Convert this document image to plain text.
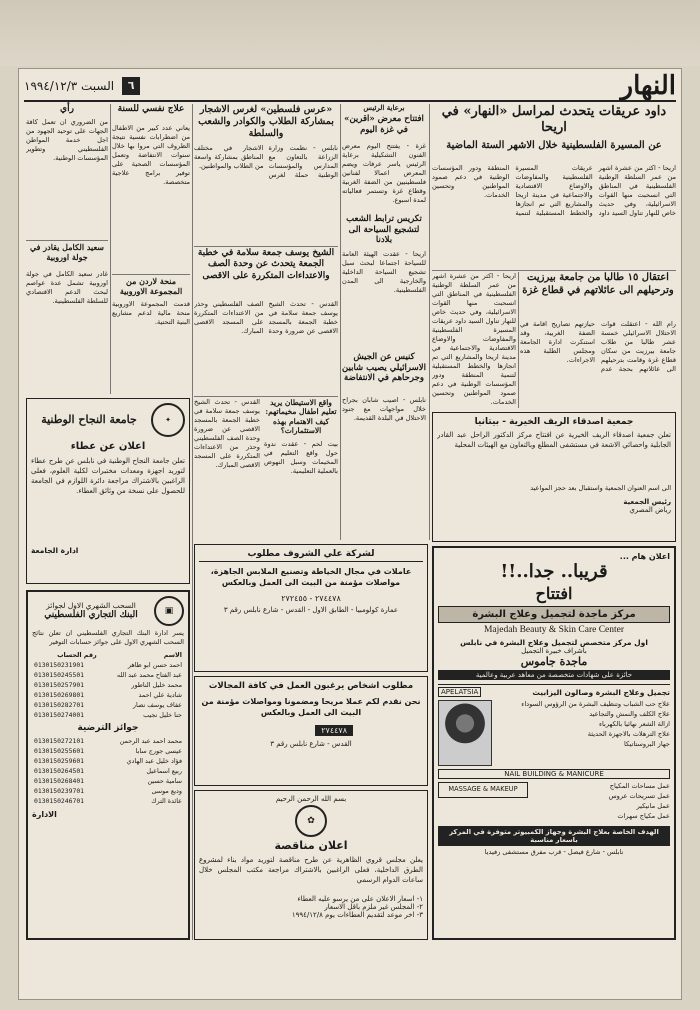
٦
السبت ١٩٩٤/١٢/٣	النهار
داود عريقات يتحدث لمراسل «النهار» في اريحا
عن المسيرة الفلسطينية خلال الاشهر الستة الماضية
اريحا - اكثر من عشرة اشهر من عمر السلطة الوطنية الفلسطينية في المناطق التي انسحبت منها القوات الاسرائيلية، وفي حديث خاص للنهار تناول السيد داود عريقات المسيرة الفلسطينية والمفاوضات والاوضاع الاقتصادية والاجتماعية في مدينة اريحا والمشاريع التي تم انجازها والخطط المستقبلية لتنمية المنطقة ودور المؤسسات الوطنية في دعم صمود المواطنين وتحسين الخدمات.
اعتقال ١٥ طالبا من جامعة بيرزيت وترحيلهم الى عائلاتهم في قطاع غزة
رام الله - اعتقلت قوات الاحتلال الاسرائيلي خمسة عشر طالبا من طلاب جامعة بيرزيت من سكان قطاع غزة وقامت بترحيلهم الى عائلاتهم بحجة عدم حيازتهم تصاريح اقامة في الضفة الغربية، وقد استنكرت ادارة الجامعة ومجلس الطلبة هذه الاجراءات.
اريحا - اكثر من عشرة اشهر من عمر السلطة الوطنية الفلسطينية في المناطق التي انسحبت منها القوات الاسرائيلية، وفي حديث خاص للنهار تناول السيد داود عريقات المسيرة الفلسطينية والمفاوضات والاوضاع الاقتصادية والاجتماعية في مدينة اريحا والمشاريع التي تم انجازها والخطط المستقبلية لتنمية المنطقة ودور المؤسسات الوطنية في دعم صمود المواطنين وتحسين الخدمات.
جمعية اصدقاء الريف الخيرية - بيتانيا
تعلن جمعية اصدقاء الريف الخيرية عن افتتاح مركز الدكتور الراحل عبد القادر الجابلية واحصائي الاشعة في مستشفى المطلع وبالتعاون مع الهيئات المحلية
الى اسم العنوان الجمعية واستقبال بعد حجز المواعيد
رئيس الجمعية
رياض المصري
برعاية الرئيس
افتتاح معرض «اقرين» في غزة اليوم
غزة - يفتتح اليوم معرض الفنون التشكيلية برعاية الرئيس ياسر عرفات ويضم المعرض اعمالا لفنانين فلسطينيين من الضفة الغربية وقطاع غزة وتستمر فعالياته لمدة اسبوع.
تكريس ترابط الشعب لتشجيع السياحة الى بلادنا
اريحا - عقدت الهيئة العامة للسياحة اجتماعا لبحث سبل تشجيع السياحة الداخلية والخارجية الى المدن الفلسطينية.
كنيس عن الجيش الاسرائيلي يصيب شابين وجرحاهم في الانتفاضة
نابلس - اصيب شابان بجراح خلال مواجهات مع جنود الاحتلال في البلدة القديمة.
«عرس فلسطين» لغرس الاشجار بمشاركة الطلاب والكوادر والشعب والسلطة
نابلس - نظمت وزارة الزراعة بالتعاون مع المدارس والمؤسسات الوطنية حملة لغرس الاشجار في مختلف المناطق بمشاركة واسعة من الطلاب والمواطنين.
الشيخ يوسف جمعة سلامة في خطبة الجمعة يتحدث عن وحدة الصف والاعتداءات المتكررة على الاقصى
القدس - تحدث الشيخ يوسف جمعة سلامة في خطبة الجمعة بالمسجد الاقصى عن ضرورة وحدة الصف الفلسطيني وحذر من الاعتداءات المتكررة على المسجد الاقصى المبارك.
واقع الاستيطان يريد تعليم اطفال مخيماتهم: كيف الاهتمام بهذه الاستثمارات؟
بيت لحم - عقدت ندوة حول واقع التعليم في المخيمات وسبل النهوض بالعملية التعليمية.
القدس - تحدث الشيخ يوسف جمعة سلامة في خطبة الجمعة بالمسجد الاقصى عن ضرورة وحدة الصف الفلسطيني وحذر من الاعتداءات المتكررة على المسجد الاقصى المبارك.
علاج نفسي للسنة
يعاني عدد كبير من الاطفال من اضطرابات نفسية نتيجة الظروف التي مروا بها خلال سنوات الانتفاضة وتعمل المؤسسات الصحية على توفير برامج علاجية متخصصة.
منحة لاردن من المجموعة الاوروبية
قدمت المجموعة الاوروبية منحة مالية لدعم مشاريع البنية التحتية.
رأي
من الضروري ان تعمل كافة الجهات على توحيد الجهود من اجل خدمة المواطن الفلسطيني وتطوير المؤسسات الوطنية.
سعيد الكامل يقادر في جولة اوروبية
غادر سعيد الكامل في جولة اوروبية تشمل عدة عواصم لبحث الدعم الاقتصادي للسلطة الفلسطينية.
✦
جامعة النجاح الوطنية
اعلان عن عطاء
تعلن جامعة النجاح الوطنية في نابلس عن طرح عطاء لتوريد اجهزة ومعدات مختبرات لكلية العلوم، فعلى الراغبين بالاشتراك مراجعة دائرة اللوازم في الجامعة للحصول على نسخة من وثائق العطاء.
ادارة الجامعة	لشركة علي الشروف مطلوب
عاملات في مجال الخياطة وتصنيع الملابس الجاهزة، مواصلات مؤمنة من البيت الى العمل وبالعكس
٢٧٤٤٧٨ - ٢٧٢٤٥٥
عمارة كولومبيا - الطابق الاول - القدس - شارع نابلس رقم ٣
مطلوب اشخاص يرغبون العمل في كافة المجالات
نحن نقدم لكم عملا مريحا ومضمونا ومواصلات مؤمنة من البيت الى العمل وبالعكس
٢٧٤٤٧٨
القدس - شارع نابلس رقم ٣
بسم الله الرحمن الرحيم
✿
اعلان مناقصة
يعلن مجلس قروي الظاهرية عن طرح مناقصة لتوريد مواد بناء لمشروع الطرق الداخلية، فعلى الراغبين بالاشتراك مراجعة مكتب المجلس خلال ساعات الدوام الرسمي
١- اسعار الاعلان على من يرسو عليه العطاء
٢- المجلس غير ملزم باقل الاسعار
٣- اخر موعد لتقديم العطاءات يوم ١٩٩٤/١٢/٨
▣
السحب الشهري الاول لجوائز
البنك التجاري الفلسطيني
يسر ادارة البنك التجاري الفلسطيني ان تعلن نتائج السحب الشهري الاول على جوائز حسابات التوفير
الاسم	رقم الحساب
احمد حسن ابو ظاهر	0130150231901
عبد الفتاح محمد عبد الله	0130150245501
محمد خليل الناطور	0130150257901
شادية علي احمد	0130150269801
عفاف يوسف نصار	0130150282701
حنا خليل نجيب	0130150274001
جوائز الترضية
محمد احمد عبد الرحمن	0130150272101
عيسى جورج سابا	0130150255601
فؤاد خليل عبد الهادي	0130150259601
ربيع اسماعيل	0130150264501
سامية حسين	0130150268401
وديع موسى	0130150239701
عائدة الترك	0130150246701
الادارة
اعلان هام ...
قريبا.. جدا..!!
افتتاح
مركز ماجدة لتجميل وعلاج البشرة
Majedah Beauty & Skin Care Center
اول مركز متخصص لتجميل وعلاج البشرة في نابلس
باشراف خبيرة التجميل
ماجدة جاموس
حائزة على شهادات متخصصة من معاهد عربية وعالمية
تجميل وعلاج البشرة وصالون اليزابيث
APELATSIA
علاج حب الشباب وتنظيف البشرة من الرؤوس السوداء
علاج الكلف والنمش والتجاعيد
ازالة الشعر نهائيا بالكهرباء
علاج الترهلات بالاجهزة الحديثة
جهاز البروستاتيكا
NAIL BUILDING & MANICURE
عمل مساحات المكياج
عمل تسريحات عروس
عمل مانيكير
عمل مكياج سهرات
MASSAGE & MAKEUP
الهدف الخاصة بعلاج البشرة وجهاز الكمبيوتر متوفرة في المركز باسعار مناسبة
نابلس - شارع فيصل - قرب مفرق مستشفى رفيديا
